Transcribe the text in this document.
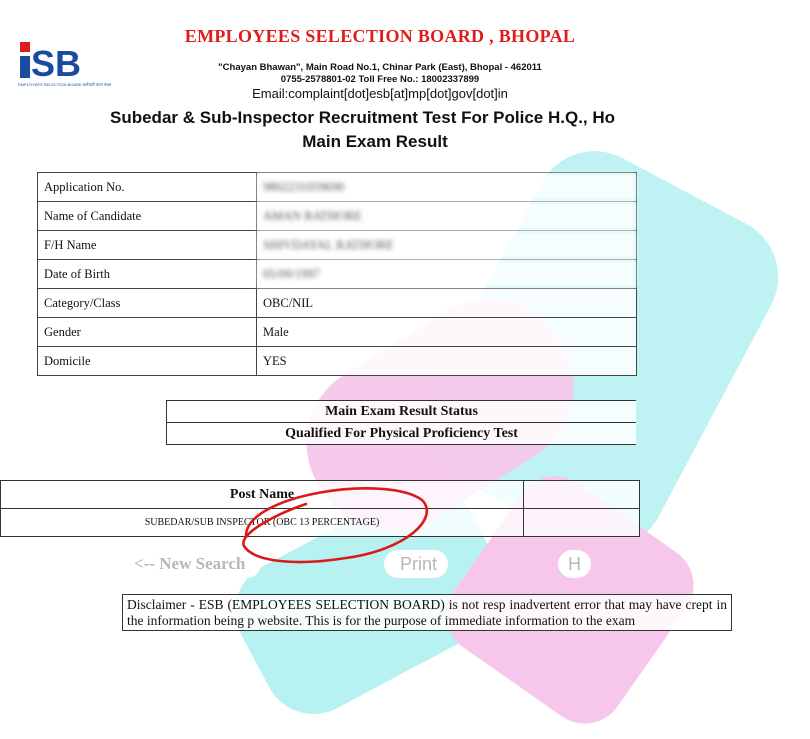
SB
EMPLOYEES SELECTION BOARD कर्मचारी चयन मंडल
EMPLOYEES SELECTION BOARD , BHOPAL
"Chayan Bhawan", Main Road No.1, Chinar Park (East), Bhopal - 462011
0755-2578801-02 Toll Free No.: 18002337899
Email:complaint[dot]esb[at]mp[dot]gov[dot]in
Subedar & Sub-Inspector Recruitment Test For Police H.Q., Ho
Main Exam Result
Application No.	9802231059690
Name of Candidate	AMAN RATHORE
F/H Name	SHIVDAYAL RATHORE
Date of Birth	05/09/1997
Category/Class	OBC/NIL
Gender	Male
Domicile	YES
Main Exam Result Status
Qualified For Physical Proficiency Test
Post Name	
SUBEDAR/SUB INSPECTOR (OBC 13 PERCENTAGE)	
<-- New Search	Print	H
Disclaimer - ESB (EMPLOYEES SELECTION BOARD) is not resp inadvertent error that may have crept in the information being p website. This is for the purpose of immediate information to the exam
